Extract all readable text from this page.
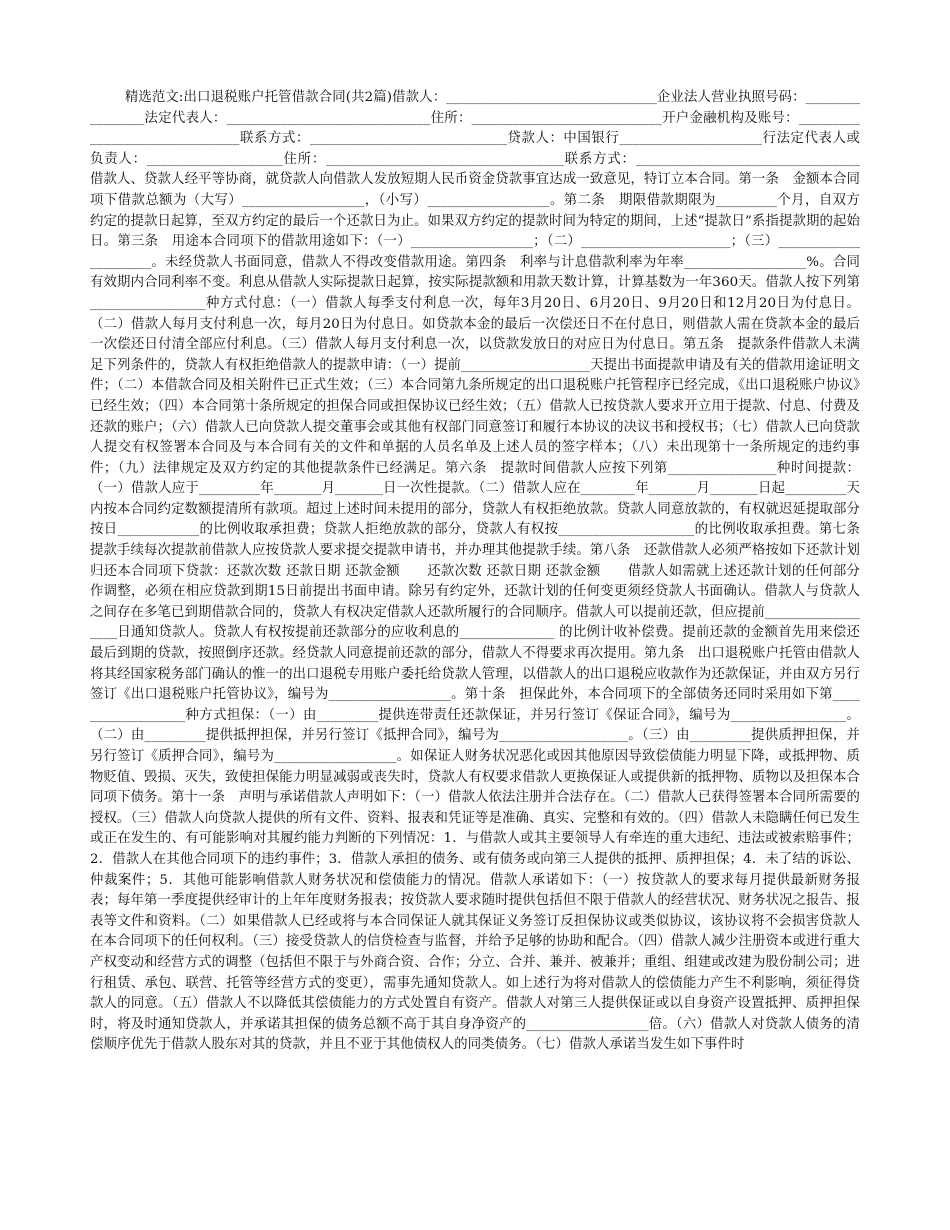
精选范文:出口退税账户托管借款合同(共2篇)借款人：_______________________________企业法人营业执照号码：________________法定代表人：______________________________住所：____________________________开户金融机构及账号：_______________________________联系方式：_____________________________贷款人：中国银行_____________________行法定代表人或负责人：____________________住所：___________________________________联系方式：_________________________________借款人、贷款人经平等协商，就贷款人向借款人发放短期人民币资金贷款事宜达成一致意见，特订立本合同。第一条　金额本合同项下借款总额为（大写）__________________，（小写）__________________。第二条　期限借款期限为_________个月，自双方约定的提款日起算，至双方约定的最后一个还款日为止。如果双方约定的提款时间为特定的期间，上述“提款日”系指提款期的起始日。第三条　用途本合同项下的借款用途如下：（一）__________________；（二）______________________；（三）_____________________。未经贷款人书面同意，借款人不得改变借款用途。第四条　利率与计息借款利率为年率__________________%。合同有效期内合同利率不变。利息从借款人实际提款日起算，按实际提款额和用款天数计算，计算基数为一年360天。借款人按下列第_________________种方式付息：（一）借款人每季支付利息一次，每年3月20日、6月20日、9月20日和12月20日为付息日。（二）借款人每月支付利息一次，每月20日为付息日。如贷款本金的最后一次偿还日不在付息日，则借款人需在贷款本金的最后一次偿还日付清全部应付利息。（三）借款人每月支付利息一次，以贷款发放日的对应日为付息日。第五条　提款条件借款人未满足下列条件的，贷款人有权拒绝借款人的提款申请：（一）提前___________________天提出书面提款申请及有关的借款用途证明文件；（二）本借款合同及相关附件已正式生效；（三）本合同第九条所规定的出口退税账户托管程序已经完成，《出口退税账户协议》已经生效；（四）本合同第十条所规定的担保合同或担保协议已经生效；（五）借款人已按贷款人要求开立用于提款、付息、付费及还款的账户；（六）借款人已向贷款人提交董事会或其他有权部门同意签订和履行本协议的决议书和授权书；（七）借款人已向贷款人提交有权签署本合同及与本合同有关的文件和单据的人员名单及上述人员的签字样本；（八）未出现第十一条所规定的违约事件；（九）法律规定及双方约定的其他提款条件已经满足。第六条　提款时间借款人应按下列第________________种时间提款：（一）借款人应于_________年_______月_______日一次性提款。（二）借款人应在________年_______月_______日起_________天内按本合同约定数额提清所有款项。超过上述时间未提用的部分，贷款人有权拒绝放款。贷款人同意放款的，有权就迟延提取部分按日____________的比例收取承担费；贷款人拒绝放款的部分，贷款人有权按____________________的比例收取承担费。第七条　提款手续每次提款前借款人应按贷款人要求提交提款申请书，并办理其他提款手续。第八条　还款借款人必须严格按如下还款计划归还本合同项下贷款：还款次数 还款日期 还款金额　　还款次数 还款日期 还款金额　　借款人如需就上述还款计划的任何部分作调整，必须在相应贷款到期15日前提出书面申请。除另有约定外，还款计划的任何变更须经贷款人书面确认。借款人与贷款人之间存在多笔已到期借款合同的，贷款人有权决定借款人还款所履行的合同顺序。借款人可以提前还款，但应提前__________________日通知贷款人。贷款人有权按提前还款部分的应收利息的______________ 的比例计收补偿费。提前还款的金额首先用来偿还最后到期的贷款，按照倒序还款。经贷款人同意提前还款的部分，借款人不得要求再次提用。第九条　出口退税账户托管由借款人将其经国家税务部门确认的惟一的出口退税专用账户委托给贷款人管理，以借款人的出口退税应收款作为还款保证，并由双方另行签订《出口退税账户托管协议》，编号为__________________。第十条　担保此外，本合同项下的全部债务还同时采用如下第__________________种方式担保：（一）由_________提供连带责任还款保证，并另行签订《保证合同》，编号为_________________。（二）由_________提供抵押担保，并另行签订《抵押合同》，编号为___________________。（三）由_________提供质押担保，并另行签订《质押合同》，编号为__________________。如保证人财务状况恶化或因其他原因导致偿债能力明显下降，或抵押物、质物贬值、毁损、灭失，致使担保能力明显减弱或丧失时，贷款人有权要求借款人更换保证人或提供新的抵押物、质物以及担保本合同项下债务。第十一条　声明与承诺借款人声明如下：（一）借款人依法注册并合法存在。（二）借款人已获得签署本合同所需要的授权。（三）借款人向贷款人提供的所有文件、资料、报表和凭证等是准确、真实、完整和有效的。（四）借款人未隐瞒任何已发生或正在发生的、有可能影响对其履约能力判断的下列情况：1．与借款人或其主要领导人有牵连的重大违纪、违法或被索赔事件；2．借款人在其他合同项下的违约事件；3．借款人承担的债务、或有债务或向第三人提供的抵押、质押担保；4．未了结的诉讼、仲裁案件；5．其他可能影响借款人财务状况和偿债能力的情况。借款人承诺如下：（一）按贷款人的要求每月提供最新财务报表；每年第一季度提供经审计的上年年度财务报表；按贷款人要求随时提供包括但不限于借款人的经营状况、财务状况之报告、报表等文件和资料。（二）如果借款人已经或将与本合同保证人就其保证义务签订反担保协议或类似协议，该协议将不会损害贷款人在本合同项下的任何权利。（三）接受贷款人的信贷检查与监督，并给予足够的协助和配合。（四）借款人减少注册资本或进行重大产权变动和经营方式的调整（包括但不限于与外商合资、合作；分立、合并、兼并、被兼并；重组、组建或改建为股份制公司；进行租赁、承包、联营、托管等经营方式的变更），需事先通知贷款人。如上述行为将对借款人的偿债能力产生不利影响，须征得贷款人的同意。（五）借款人不以降低其偿债能力的方式处置自有资产。借款人对第三人提供保证或以自身资产设置抵押、质押担保时，将及时通知贷款人，并承诺其担保的债务总额不高于其自身净资产的__________________倍。（六）借款人对贷款人债务的清偿顺序优先于借款人股东对其的贷款，并且不亚于其他债权人的同类债务。（七）借款人承诺当发生如下事件时
